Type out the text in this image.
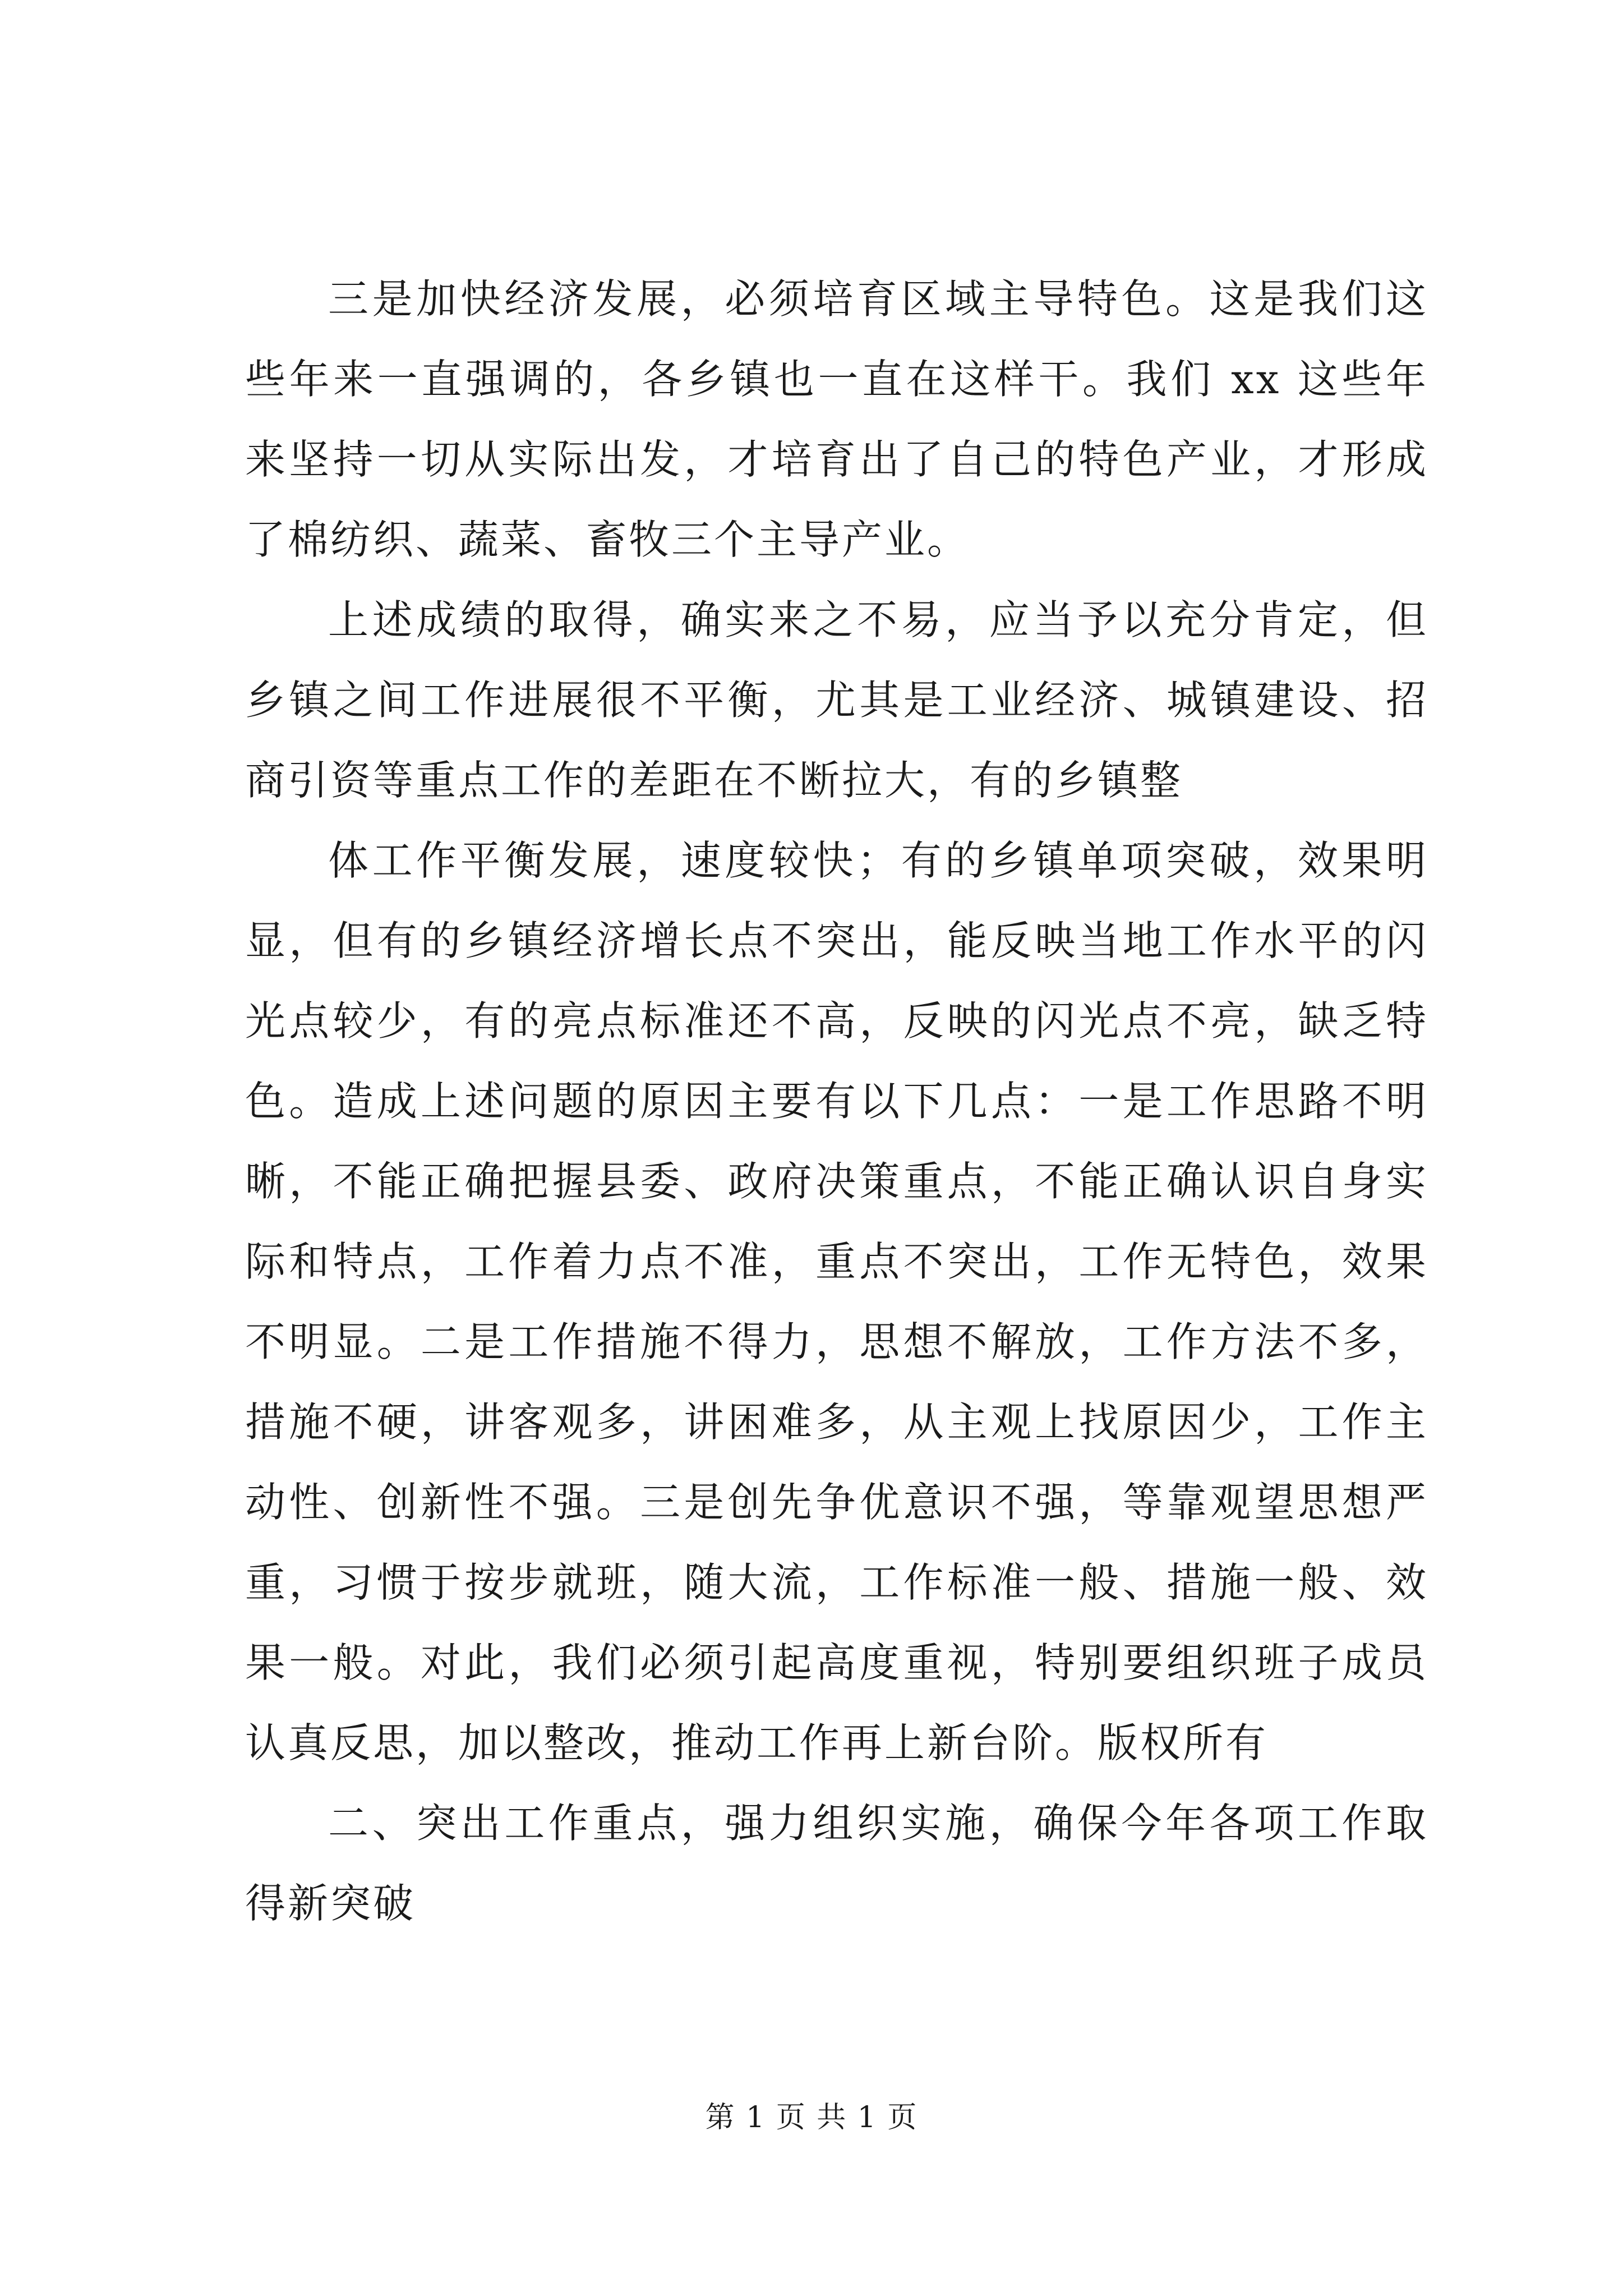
三是加快经济发展，必须培育区域主导特色。这是我们这些年来一直强调的，各乡镇也一直在这样干。我们 xx 这些年来坚持一切从实际出发，才培育出了自己的特色产业，才形成了棉纺织、蔬菜、畜牧三个主导产业。

上述成绩的取得，确实来之不易，应当予以充分肯定，但乡镇之间工作进展很不平衡，尤其是工业经济、城镇建设、招商引资等重点工作的差距在不断拉大，有的乡镇整

体工作平衡发展，速度较快；有的乡镇单项突破，效果明显，但有的乡镇经济增长点不突出，能反映当地工作水平的闪光点较少，有的亮点标准还不高，反映的闪光点不亮，缺乏特色。造成上述问题的原因主要有以下几点：一是工作思路不明晰，不能正确把握县委、政府决策重点，不能正确认识自身实际和特点，工作着力点不准，重点不突出，工作无特色，效果不明显。二是工作措施不得力，思想不解放，工作方法不多，措施不硬，讲客观多，讲困难多，从主观上找原因少，工作主动性、创新性不强。三是创先争优意识不强，等靠观望思想严重，习惯于按步就班，随大流，工作标准一般、措施一般、效果一般。对此，我们必须引起高度重视，特别要组织班子成员认真反思，加以整改，推动工作再上新台阶。版权所有

二、突出工作重点，强力组织实施，确保今年各项工作取得新突破

第 1 页 共 1 页
